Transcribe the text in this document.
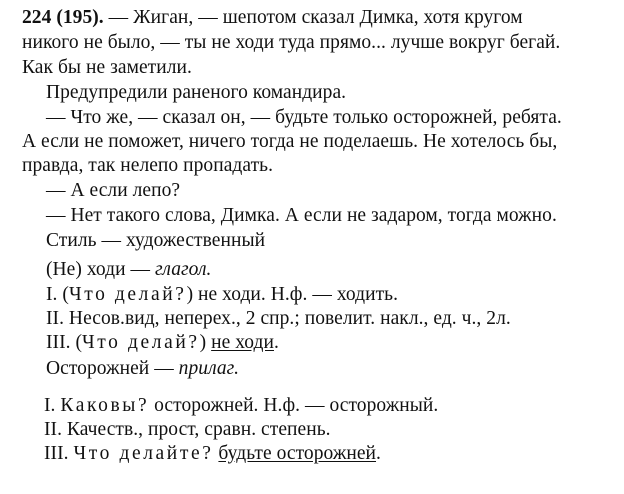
224 (195). — Жиган, — шепотом сказал Димка, хотя кругом
никого не было, — ты не ходи туда прямо... лучше вокруг бегай.
Как бы не заметили.
Предупредили раненого командира.
— Что же, — сказал он, — будьте только осторожней, ребята.
А если не поможет, ничего тогда не поделаешь. Не хотелось бы,
правда, так нелепо пропадать.
— А если лепо?
— Нет такого слова, Димка. А если не задаром, тогда можно.
Стиль — художественный
(Не) ходи — глагол.
I. (Что делай?) не ходи. Н.ф. — ходить.
II. Несов.вид, неперех., 2 спр.; повелит. накл., ед. ч., 2л.
III. (Что делай?) не ходи.
Осторожней — прилаг.
I. Каковы? осторожней. Н.ф. — осторожный.
II. Качеств., прост, сравн. степень.
III. Что делайте? будьте осторожней.
